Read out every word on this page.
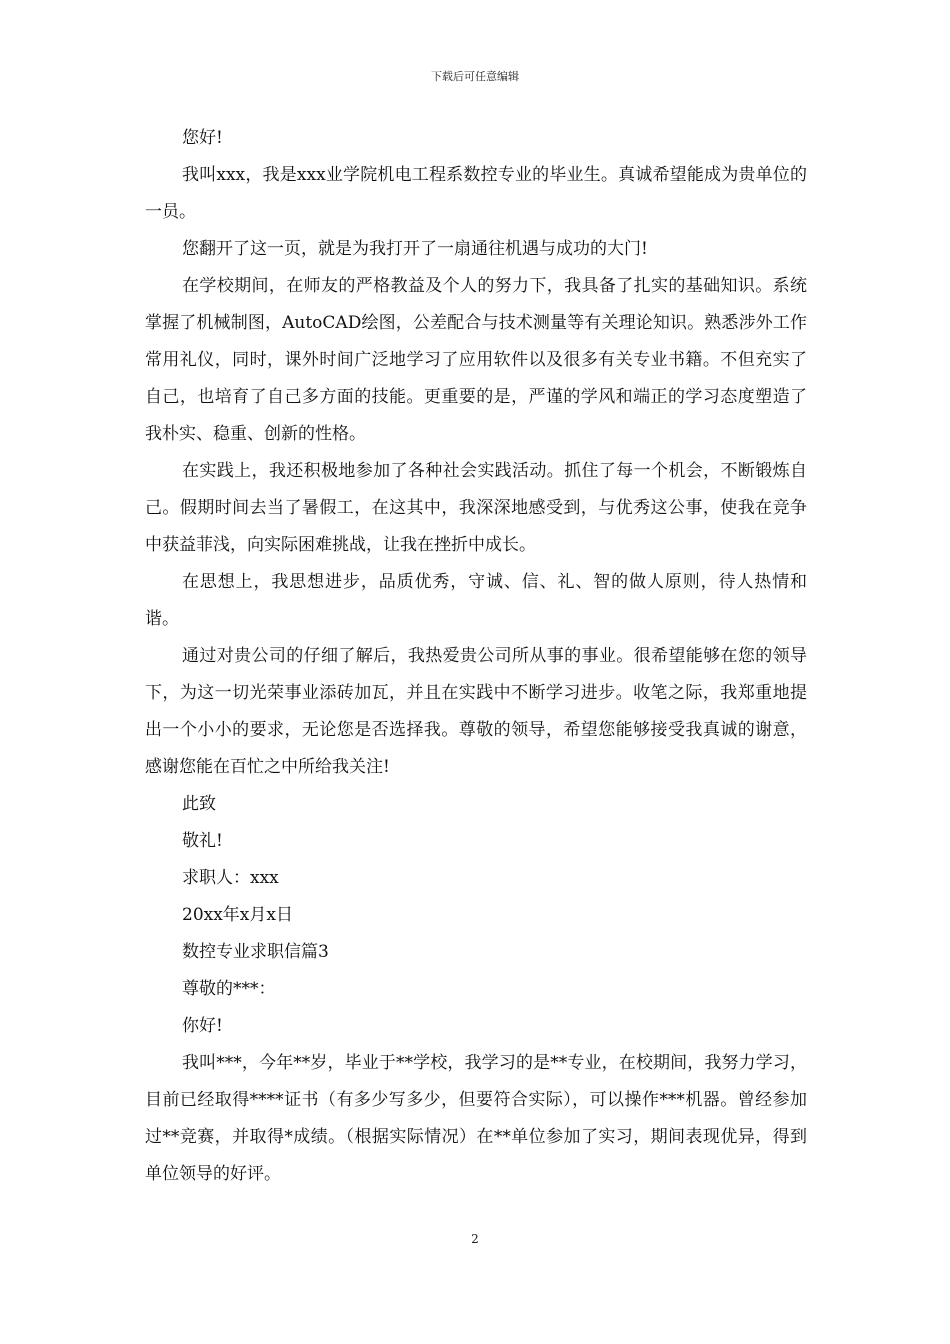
下载后可任意编辑

您好!

我叫xxx，我是xxx业学院机电工程系数控专业的毕业生。真诚希望能成为贵单位的一员。

您翻开了这一页，就是为我打开了一扇通往机遇与成功的大门!

在学校期间，在师友的严格教益及个人的努力下，我具备了扎实的基础知识。系统掌握了机械制图，AutoCAD绘图，公差配合与技术测量等有关理论知识。熟悉涉外工作常用礼仪，同时，课外时间广泛地学习了应用软件以及很多有关专业书籍。不但充实了自己，也培育了自己多方面的技能。更重要的是，严谨的学风和端正的学习态度塑造了我朴实、稳重、创新的性格。

在实践上，我还积极地参加了各种社会实践活动。抓住了每一个机会，不断锻炼自己。假期时间去当了暑假工，在这其中，我深深地感受到，与优秀这公事，使我在竞争中获益菲浅，向实际困难挑战，让我在挫折中成长。

在思想上，我思想进步，品质优秀，守诚、信、礼、智的做人原则，待人热情和谐。

通过对贵公司的仔细了解后，我热爱贵公司所从事的事业。很希望能够在您的领导下，为这一切光荣事业添砖加瓦，并且在实践中不断学习进步。收笔之际，我郑重地提出一个小小的要求，无论您是否选择我。尊敬的领导，希望您能够接受我真诚的谢意，感谢您能在百忙之中所给我关注!

此致

敬礼!

求职人：xxx

20xx年x月x日

数控专业求职信篇3

尊敬的***：

你好!

我叫***，今年**岁，毕业于**学校，我学习的是**专业，在校期间，我努力学习，目前已经取得****证书（有多少写多少，但要符合实际），可以操作***机器。曾经参加过**竞赛，并取得*成绩。（根据实际情况）在**单位参加了实习，期间表现优异，得到单位领导的好评。

2
